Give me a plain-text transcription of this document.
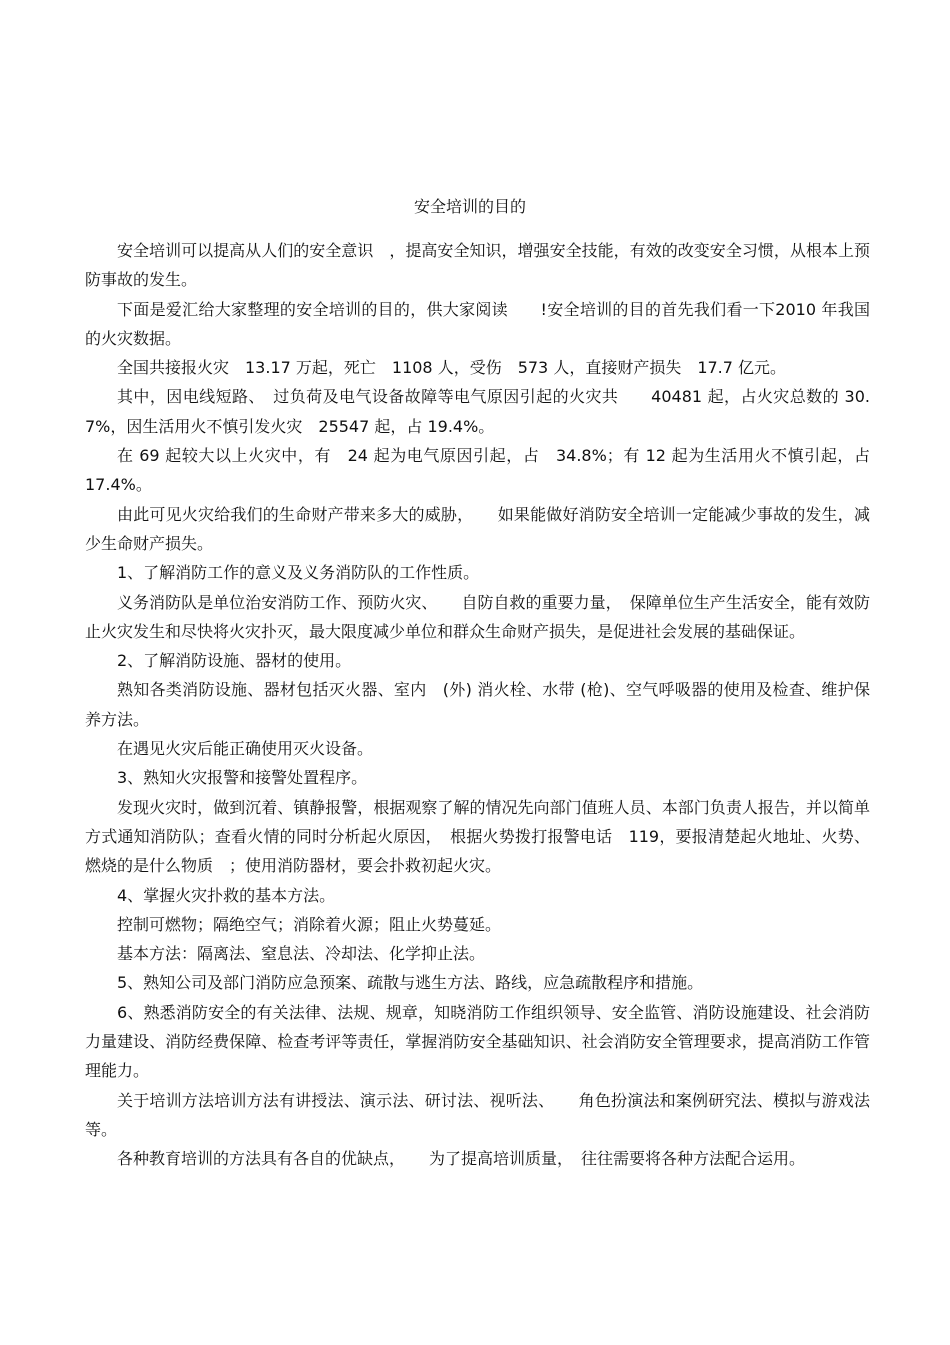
安全培训的目的

安全培训可以提高从人们的安全意识　，提高安全知识，增强安全技能，有效的改变安全习惯，从根本上预防事故的发生。

下面是爱汇给大家整理的安全培训的目的，供大家阅读　　!安全培训的目的首先我们看一下2010 年我国的火灾数据。

全国共接报火灾　13.17 万起，死亡　1108 人，受伤　573 人，直接财产损失　17.7 亿元。

其中，因电线短路、　过负荷及电气设备故障等电气原因引起的火灾共　　40481 起，占火灾总数的 30.7%，因生活用火不慎引发火灾　25547 起，占 19.4%。

在 69 起较大以上火灾中，有　24 起为电气原因引起，占　34.8%；有 12 起为生活用火不慎引起，占　17.4%。

由此可见火灾给我们的生命财产带来多大的威胁，　　如果能做好消防安全培训一定能减少事故的发生，减少生命财产损失。

1、了解消防工作的意义及义务消防队的工作性质。

义务消防队是单位治安消防工作、预防火灾、　　自防自救的重要力量，　保障单位生产生活安全，能有效防止火灾发生和尽快将火灾扑灭，最大限度减少单位和群众生命财产损失，是促进社会发展的基础保证。

2、了解消防设施、器材的使用。

熟知各类消防设施、器材包括灭火器、室内　(外) 消火栓、水带 (枪)、空气呼吸器的使用及检查、维护保养方法。

在遇见火灾后能正确使用灭火设备。

3、熟知火灾报警和接警处置程序。

发现火灾时，做到沉着、镇静报警，根据观察了解的情况先向部门值班人员、本部门负责人报告，并以简单方式通知消防队；查看火情的同时分析起火原因，　根据火势拨打报警电话　119，要报清楚起火地址、火势、燃烧的是什么物质　；使用消防器材，要会扑救初起火灾。

4、掌握火灾扑救的基本方法。

控制可燃物；隔绝空气；消除着火源；阻止火势蔓延。

基本方法：隔离法、窒息法、冷却法、化学抑止法。

5、熟知公司及部门消防应急预案、疏散与逃生方法、路线，应急疏散程序和措施。

6、熟悉消防安全的有关法律、法规、规章，知晓消防工作组织领导、安全监管、消防设施建设、社会消防力量建设、消防经费保障、检查考评等责任，掌握消防安全基础知识、社会消防安全管理要求，提高消防工作管理能力。

关于培训方法培训方法有讲授法、演示法、研讨法、视听法、　　角色扮演法和案例研究法、模拟与游戏法等。

各种教育培训的方法具有各自的优缺点，　　为了提高培训质量，　往往需要将各种方法配合运用。
